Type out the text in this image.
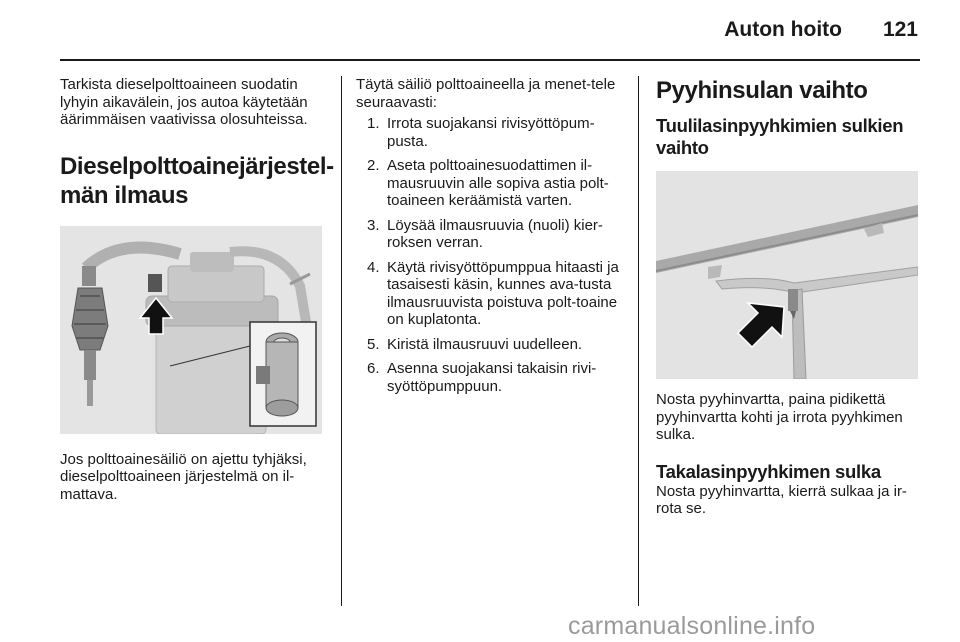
Auton hoito 121

Tarkista dieselpolttoaineen suodatin lyhyin aikavälein, jos autoa käytetään äärimmäisen vaativissa olosuhteissa.

Dieselpolttoainejärjestel-män ilmaus

Jos polttoainesäiliö on ajettu tyhjäksi, dieselpolttoaineen järjestelmä on il-mattava.

Täytä säiliö polttoaineella ja menet-tele seuraavasti:

1. Irrota suojakansi rivisyöttöpum-pusta.
2. Aseta polttoainesuodattimen il-mausruuvin alle sopiva astia polt-toaineen keräämistä varten.
3. Löysää ilmausruuvia (nuoli) kier-roksen verran.
4. Käytä rivisyöttöpumppua hitaasti ja tasaisesti käsin, kunnes ava-tusta ilmausruuvista poistuva polt-toaine on kuplatonta.
5. Kiristä ilmausruuvi uudelleen.
6. Asenna suojakansi takaisin rivi-syöttöpumppuun.
Pyyhinsulan vaihto
Tuulilasinpyyhkimien sulkien vaihto

Nosta pyyhinvartta, paina pidikettä pyyhinvartta kohti ja irrota pyyhkimen sulka.

Takalasinpyyhkimen sulka

Nosta pyyhinvartta, kierrä sulkaa ja ir-rota se.

carmanualsonline.info
